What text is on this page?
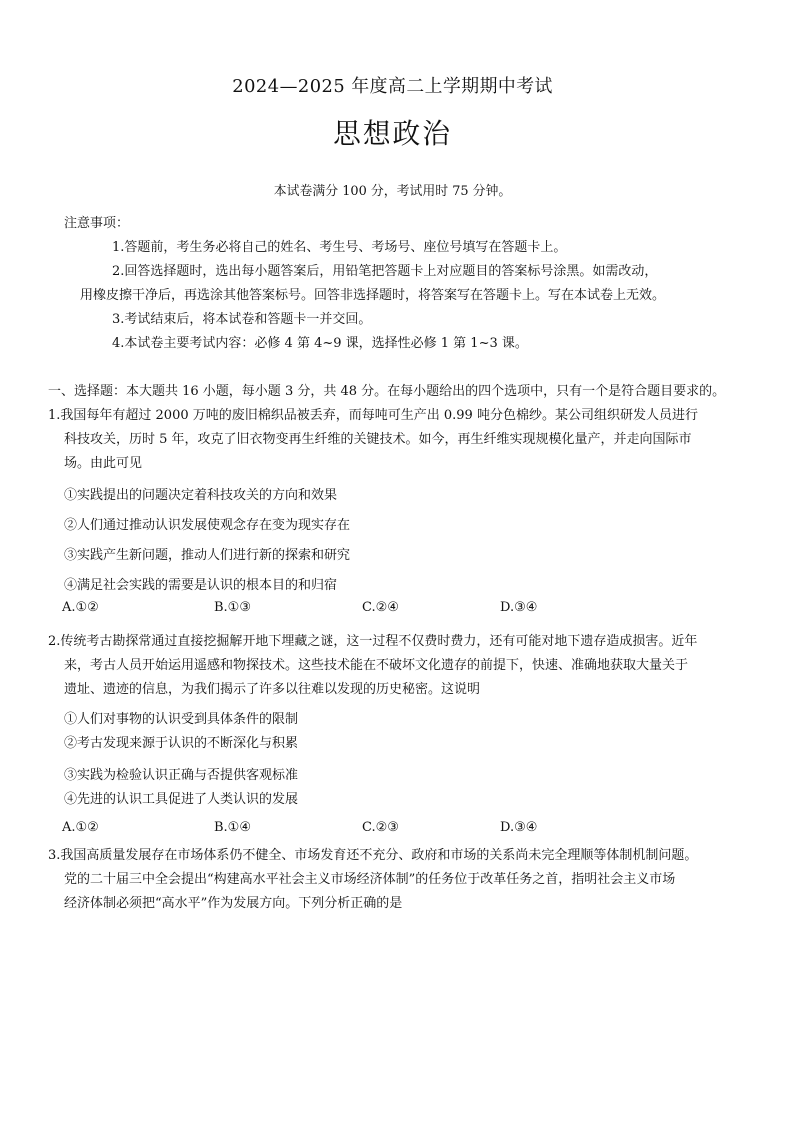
2024—2025 年度高二上学期期中考试
思想政治
本试卷满分 100 分，考试用时 75 分钟。
注意事项：
1.答题前，考生务必将自己的姓名、考生号、考场号、座位号填写在答题卡上。
2.回答选择题时，选出每小题答案后，用铅笔把答题卡上对应题目的答案标号涂黑。如需改动，
用橡皮擦干净后，再选涂其他答案标号。回答非选择题时，将答案写在答题卡上。写在本试卷上无效。
3.考试结束后，将本试卷和答题卡一并交回。
4.本试卷主要考试内容：必修 4 第 4~9 课，选择性必修 1 第 1~3 课。
一、选择题：本大题共 16 小题，每小题 3 分，共 48 分。在每小题给出的四个选项中，只有一个是符合题目要求的。
1.我国每年有超过 2000 万吨的废旧棉织品被丢弃，而每吨可生产出 0.99 吨分色棉纱。某公司组织研发人员进行
科技攻关，历时 5 年，攻克了旧衣物变再生纤维的关键技术。如今，再生纤维实现规模化量产，并走向国际市
场。由此可见
①实践提出的问题决定着科技攻关的方向和效果
②人们通过推动认识发展使观念存在变为现实存在
③实践产生新问题，推动人们进行新的探索和研究
④满足社会实践的需要是认识的根本目的和归宿
A.①②	B.①③	C.②④	D.③④
2.传统考古勘探常通过直接挖掘解开地下埋藏之谜，这一过程不仅费时费力，还有可能对地下遗存造成损害。近年
来，考古人员开始运用遥感和物探技术。这些技术能在不破坏文化遗存的前提下，快速、准确地获取大量关于
遗址、遗迹的信息，为我们揭示了许多以往难以发现的历史秘密。这说明
①人们对事物的认识受到具体条件的限制
②考古发现来源于认识的不断深化与积累
③实践为检验认识正确与否提供客观标准
④先进的认识工具促进了人类认识的发展
A.①②	B.①④	C.②③	D.③④
3.我国高质量发展存在市场体系仍不健全、市场发育还不充分、政府和市场的关系尚未完全理顺等体制机制问题。
党的二十届三中全会提出“构建高水平社会主义市场经济体制”的任务位于改革任务之首，指明社会主义市场
经济体制必须把“高水平”作为发展方向。下列分析正确的是
